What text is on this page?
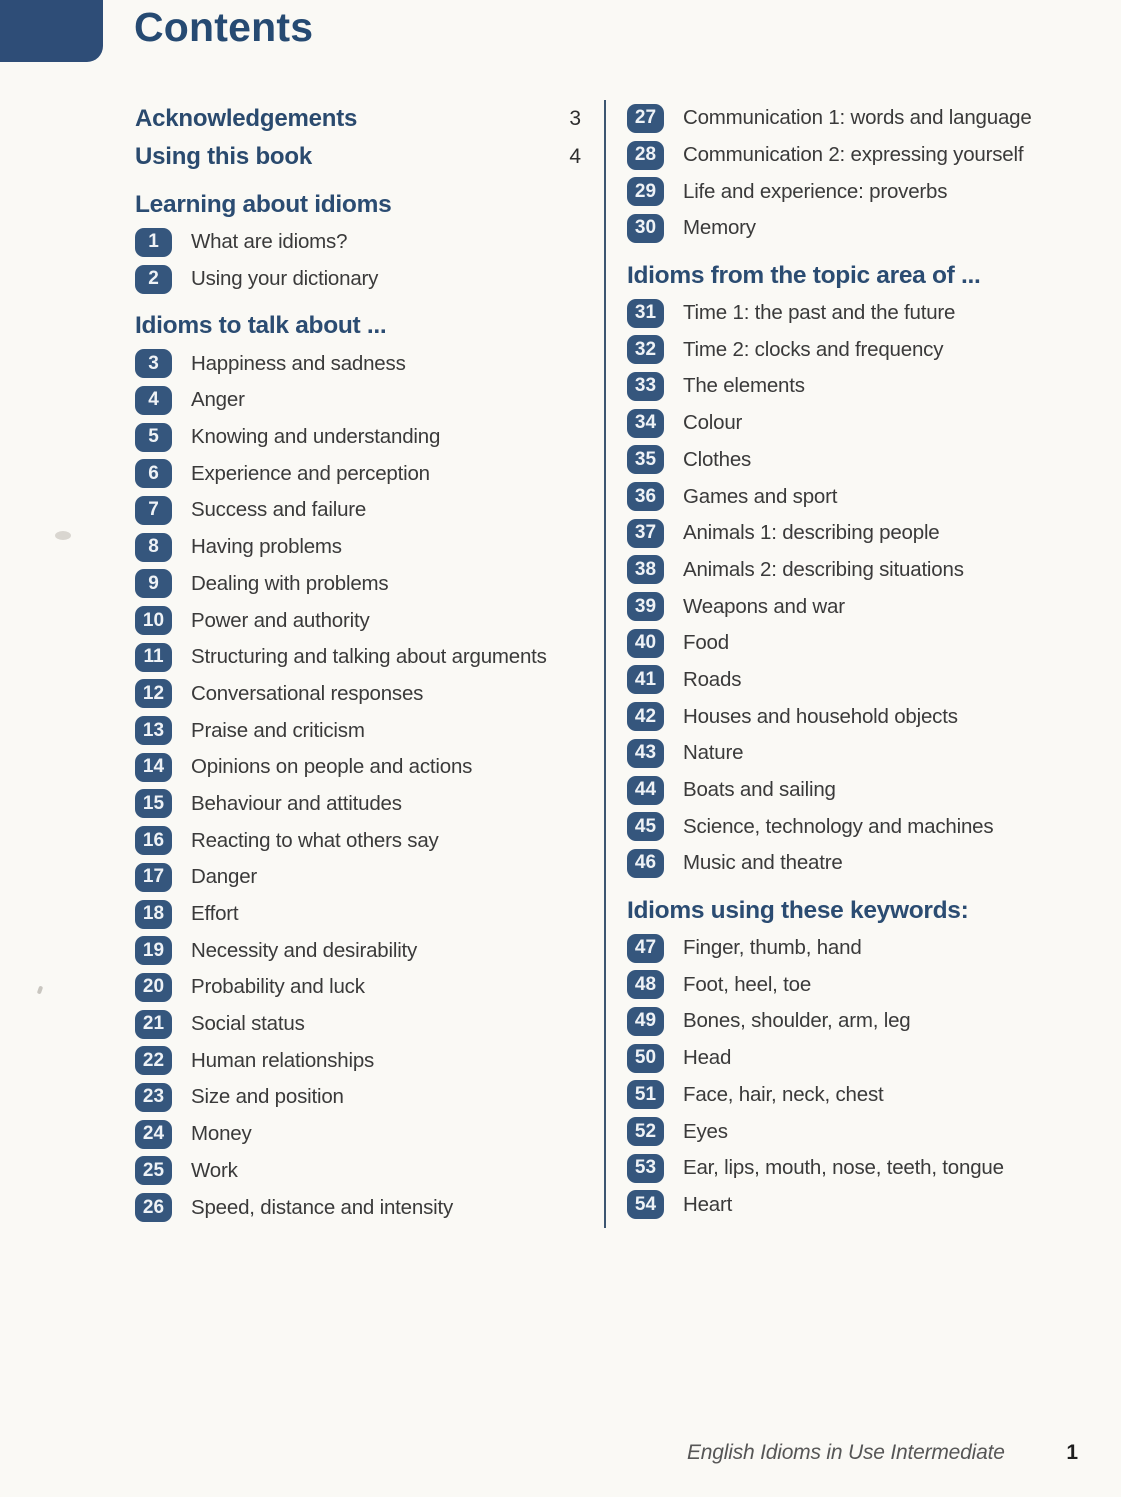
Contents
Acknowledgements	3
Using this book	4
Learning about idioms
1	What are idioms?
2	Using your dictionary
Idioms to talk about ...
3	Happiness and sadness
4	Anger
5	Knowing and understanding
6	Experience and perception
7	Success and failure
8	Having problems
9	Dealing with problems
10	Power and authority
11	Structuring and talking about arguments
12	Conversational responses
13	Praise and criticism
14	Opinions on people and actions
15	Behaviour and attitudes
16	Reacting to what others say
17	Danger
18	Effort
19	Necessity and desirability
20	Probability and luck
21	Social status
22	Human relationships
23	Size and position
24	Money
25	Work
26	Speed, distance and intensity
27	Communication 1: words and language
28	Communication 2: expressing yourself
29	Life and experience: proverbs
30	Memory
Idioms from the topic area of ...
31	Time 1: the past and the future
32	Time 2: clocks and frequency
33	The elements
34	Colour
35	Clothes
36	Games and sport
37	Animals 1: describing people
38	Animals 2: describing situations
39	Weapons and war
40	Food
41	Roads
42	Houses and household objects
43	Nature
44	Boats and sailing
45	Science, technology and machines
46	Music and theatre
Idioms using these keywords:
47	Finger, thumb, hand
48	Foot, heel, toe
49	Bones, shoulder, arm, leg
50	Head
51	Face, hair, neck, chest
52	Eyes
53	Ear, lips, mouth, nose, teeth, tongue
54	Heart
English Idioms in Use Intermediate	1
